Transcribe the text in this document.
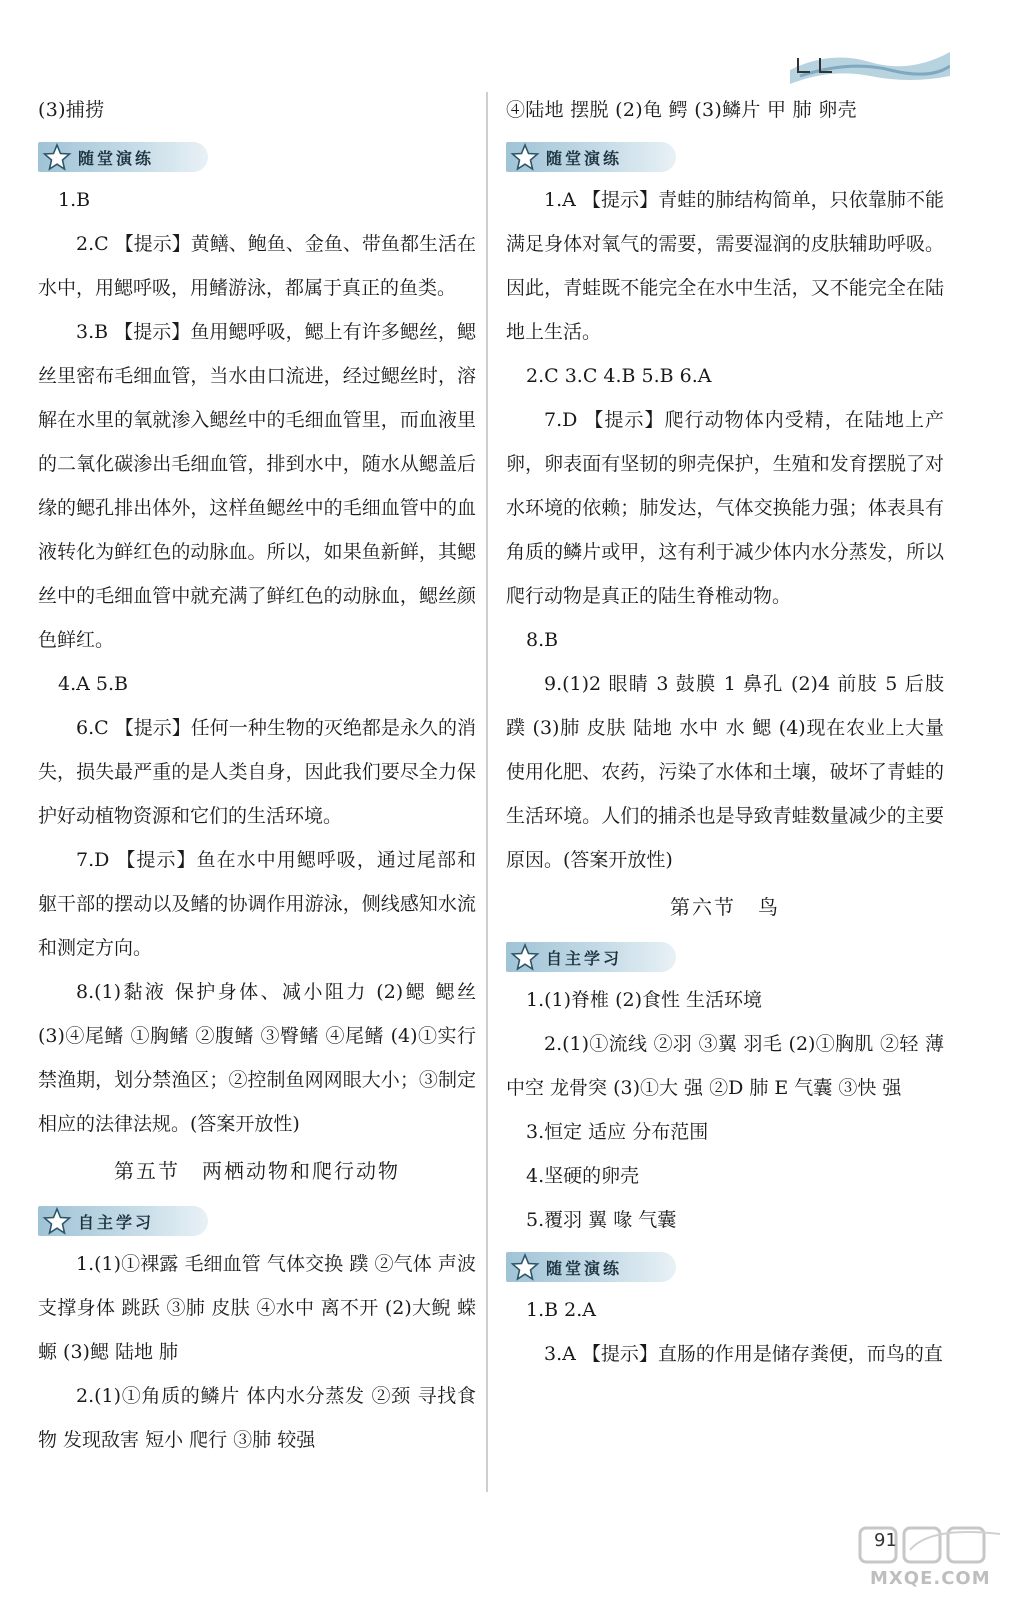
(3)捕捞
随堂演练
1.B
2.C 【提示】黄鳝、鲍鱼、金鱼、带鱼都生活在水中，用鳃呼吸，用鳍游泳，都属于真正的鱼类。
3.B 【提示】鱼用鳃呼吸，鳃上有许多鳃丝，鳃丝里密布毛细血管，当水由口流进，经过鳃丝时，溶解在水里的氧就渗入鳃丝中的毛细血管里，而血液里的二氧化碳渗出毛细血管，排到水中，随水从鳃盖后缘的鳃孔排出体外，这样鱼鳃丝中的毛细血管中的血液转化为鲜红色的动脉血。所以，如果鱼新鲜，其鳃丝中的毛细血管中就充满了鲜红色的动脉血，鳃丝颜色鲜红。
4.A 5.B
6.C 【提示】任何一种生物的灭绝都是永久的消失，损失最严重的是人类自身，因此我们要尽全力保护好动植物资源和它们的生活环境。
7.D 【提示】鱼在水中用鳃呼吸，通过尾部和躯干部的摆动以及鳍的协调作用游泳，侧线感知水流和测定方向。
8.(1)黏液 保护身体、减小阻力 (2)鳃 鳃丝 (3)④尾鳍 ①胸鳍 ②腹鳍 ③臀鳍 ④尾鳍 (4)①实行禁渔期，划分禁渔区；②控制鱼网网眼大小；③制定相应的法律法规。(答案开放性)
第五节　两栖动物和爬行动物
自主学习
1.(1)①裸露 毛细血管 气体交换 蹼 ②气体 声波 支撑身体 跳跃 ③肺 皮肤 ④水中 离不开 (2)大鲵 蝾螈 (3)鳃 陆地 肺
2.(1)①角质的鳞片 体内水分蒸发 ②颈 寻找食物 发现敌害 短小 爬行 ③肺 较强
④陆地 摆脱 (2)龟 鳄 (3)鳞片 甲 肺 卵壳
随堂演练
1.A 【提示】青蛙的肺结构简单，只依靠肺不能满足身体对氧气的需要，需要湿润的皮肤辅助呼吸。因此，青蛙既不能完全在水中生活，又不能完全在陆地上生活。
2.C 3.C 4.B 5.B 6.A
7.D 【提示】爬行动物体内受精，在陆地上产卵，卵表面有坚韧的卵壳保护，生殖和发育摆脱了对水环境的依赖；肺发达，气体交换能力强；体表具有角质的鳞片或甲，这有利于减少体内水分蒸发，所以爬行动物是真正的陆生脊椎动物。
8.B
9.(1)2 眼睛 3 鼓膜 1 鼻孔 (2)4 前肢 5 后肢 蹼 (3)肺 皮肤 陆地 水中 水 鳃 (4)现在农业上大量使用化肥、农药，污染了水体和土壤，破坏了青蛙的生活环境。人们的捕杀也是导致青蛙数量减少的主要原因。(答案开放性)
第六节　鸟
自主学习
1.(1)脊椎 (2)食性 生活环境
2.(1)①流线 ②羽 ③翼 羽毛 (2)①胸肌 ②轻 薄 中空 龙骨突 (3)①大 强 ②D 肺 E 气囊 ③快 强
3.恒定 适应 分布范围
4.坚硬的卵壳
5.覆羽 翼 喙 气囊
随堂演练
1.B 2.A
3.A 【提示】直肠的作用是储存粪便，而鸟的直
91
MXQE.COM
